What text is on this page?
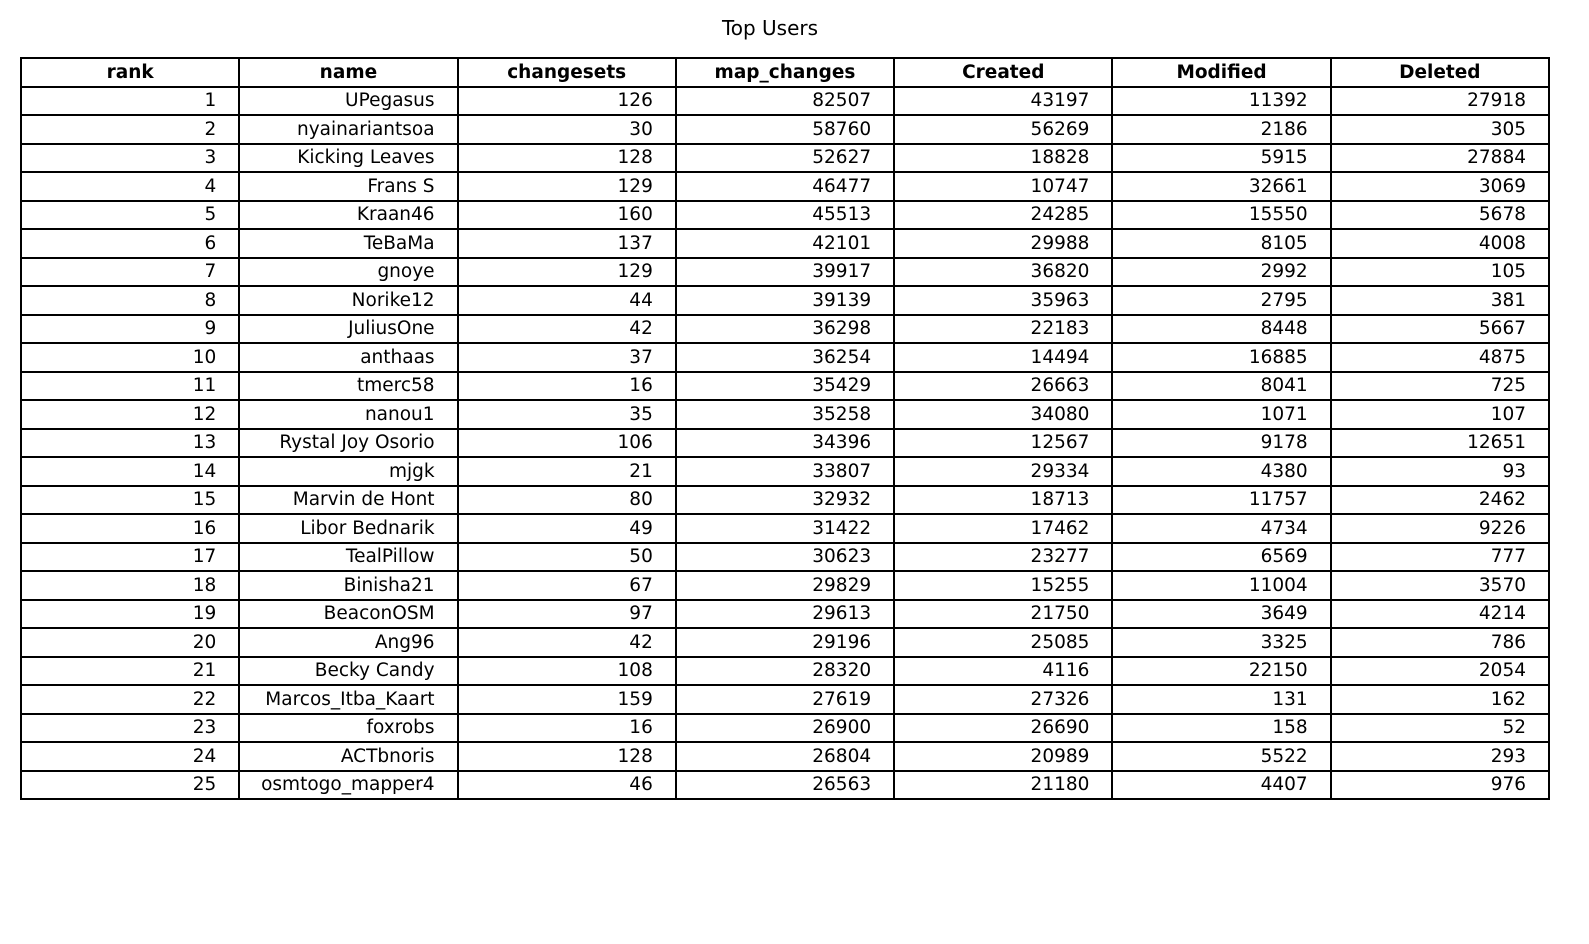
Top Users
rank	name	changesets	map_changes	Created	Modified	Deleted
1	UPegasus	126	82507	43197	11392	27918
2	nyainariantsoa	30	58760	56269	2186	305
3	Kicking Leaves	128	52627	18828	5915	27884
4	Frans S	129	46477	10747	32661	3069
5	Kraan46	160	45513	24285	15550	5678
6	TeBaMa	137	42101	29988	8105	4008
7	gnoye	129	39917	36820	2992	105
8	Norike12	44	39139	35963	2795	381
9	JuliusOne	42	36298	22183	8448	5667
10	anthaas	37	36254	14494	16885	4875
11	tmerc58	16	35429	26663	8041	725
12	nanou1	35	35258	34080	1071	107
13	Rystal Joy Osorio	106	34396	12567	9178	12651
14	mjgk	21	33807	29334	4380	93
15	Marvin de Hont	80	32932	18713	11757	2462
16	Libor Bednarik	49	31422	17462	4734	9226
17	TealPillow	50	30623	23277	6569	777
18	Binisha21	67	29829	15255	11004	3570
19	BeaconOSM	97	29613	21750	3649	4214
20	Ang96	42	29196	25085	3325	786
21	Becky Candy	108	28320	4116	22150	2054
22	Marcos_Itba_Kaart	159	27619	27326	131	162
23	foxrobs	16	26900	26690	158	52
24	ACTbnoris	128	26804	20989	5522	293
25	osmtogo_mapper4	46	26563	21180	4407	976
